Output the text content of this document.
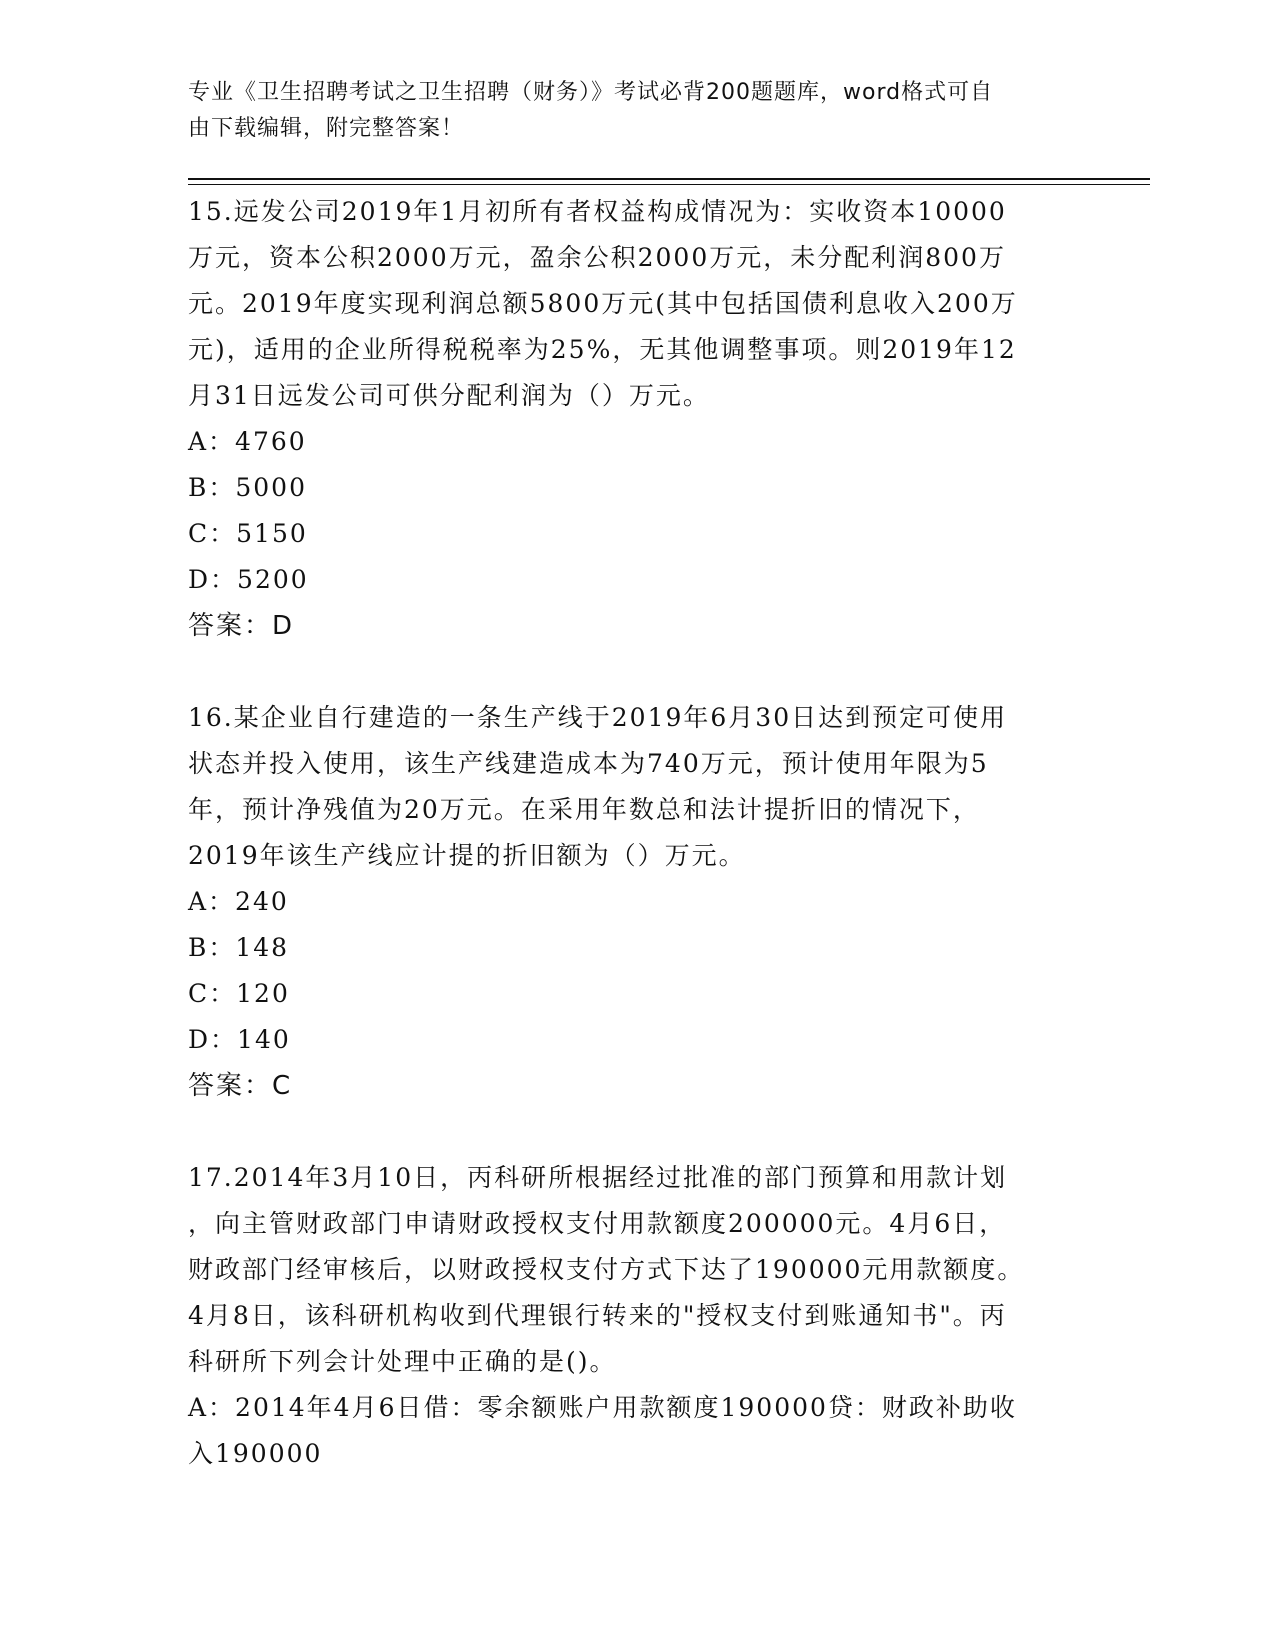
专业《卫生招聘考试之卫生招聘（财务）》考试必背200题题库，word格式可自
由下载编辑，附完整答案！
15.远发公司2019年1月初所有者权益构成情况为：实收资本10000
万元，资本公积2000万元，盈余公积2000万元，未分配利润800万
元。2019年度实现利润总额5800万元(其中包括国债利息收入200万
元)，适用的企业所得税税率为25%，无其他调整事项。则2019年12
月31日远发公司可供分配利润为（）万元。
A：4760
B：5000
C：5150
D：5200
答案：D
16.某企业自行建造的一条生产线于2019年6月30日达到预定可使用
状态并投入使用，该生产线建造成本为740万元，预计使用年限为5
年，预计净残值为20万元。在采用年数总和法计提折旧的情况下，
2019年该生产线应计提的折旧额为（）万元。
A：240
B：148
C：120
D：140
答案：C
17.2014年3月10日，丙科研所根据经过批准的部门预算和用款计划
，向主管财政部门申请财政授权支付用款额度200000元。4月6日，
财政部门经审核后，以财政授权支付方式下达了190000元用款额度。
4月8日，该科研机构收到代理银行转来的"授权支付到账通知书"。丙
科研所下列会计处理中正确的是()。
A：2014年4月6日借：零余额账户用款额度190000贷：财政补助收
入190000
